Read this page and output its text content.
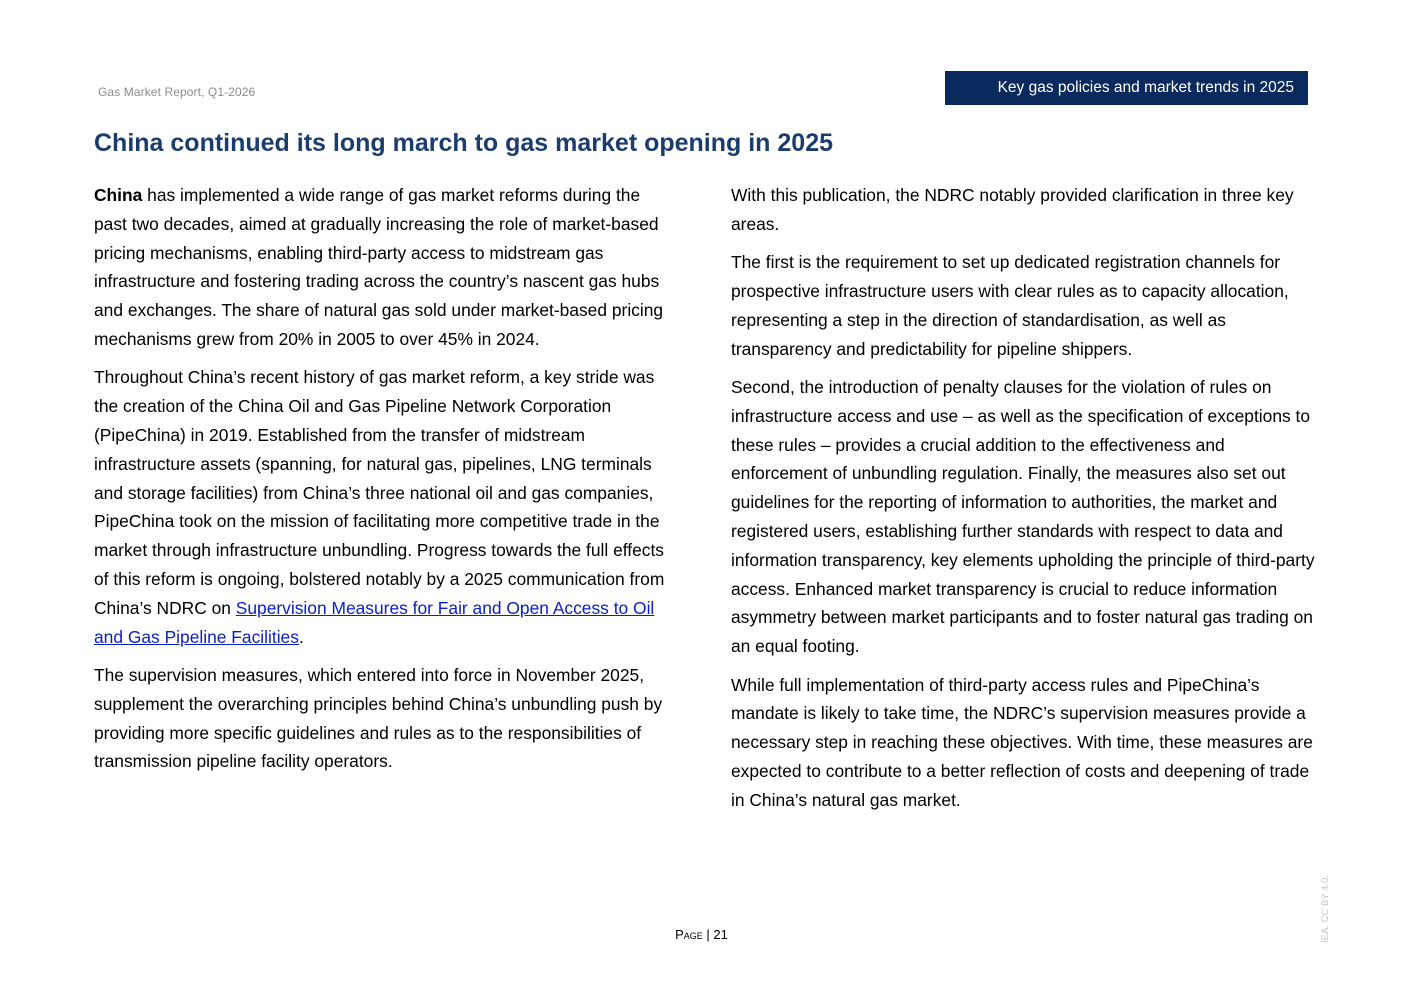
Gas Market Report, Q1-2026	Key gas policies and market trends in 2025
China continued its long march to gas market opening in 2025

China has implemented a wide range of gas market reforms during the past two decades, aimed at gradually increasing the role of market-based pricing mechanisms, enabling third-party access to midstream gas infrastructure and fostering trading across the country’s nascent gas hubs and exchanges. The share of natural gas sold under market-based pricing mechanisms grew from 20% in 2005 to over 45% in 2024.

Throughout China’s recent history of gas market reform, a key stride was the creation of the China Oil and Gas Pipeline Network Corporation (PipeChina) in 2019. Established from the transfer of midstream infrastructure assets (spanning, for natural gas, pipelines, LNG terminals and storage facilities) from China’s three national oil and gas companies, PipeChina took on the mission of facilitating more competitive trade in the market through infrastructure unbundling. Progress towards the full effects of this reform is ongoing, bolstered notably by a 2025 communication from China’s NDRC on Supervision Measures for Fair and Open Access to Oil and Gas Pipeline Facilities.

The supervision measures, which entered into force in November 2025, supplement the overarching principles behind China’s unbundling push by providing more specific guidelines and rules as to the responsibilities of transmission pipeline facility operators.

With this publication, the NDRC notably provided clarification in three key areas.

The first is the requirement to set up dedicated registration channels for prospective infrastructure users with clear rules as to capacity allocation, representing a step in the direction of standardisation, as well as transparency and predictability for pipeline shippers.

Second, the introduction of penalty clauses for the violation of rules on infrastructure access and use – as well as the specification of exceptions to these rules – provides a crucial addition to the effectiveness and enforcement of unbundling regulation. Finally, the measures also set out guidelines for the reporting of information to authorities, the market and registered users, establishing further standards with respect to data and information transparency, key elements upholding the principle of third-party access. Enhanced market transparency is crucial to reduce information asymmetry between market participants and to foster natural gas trading on an equal footing.

While full implementation of third-party access rules and PipeChina’s mandate is likely to take time, the NDRC’s supervision measures provide a necessary step in reaching these objectives. With time, these measures are expected to contribute to a better reflection of costs and deepening of trade in China’s natural gas market.

Page | 21	IEA. CC BY 4.0.
